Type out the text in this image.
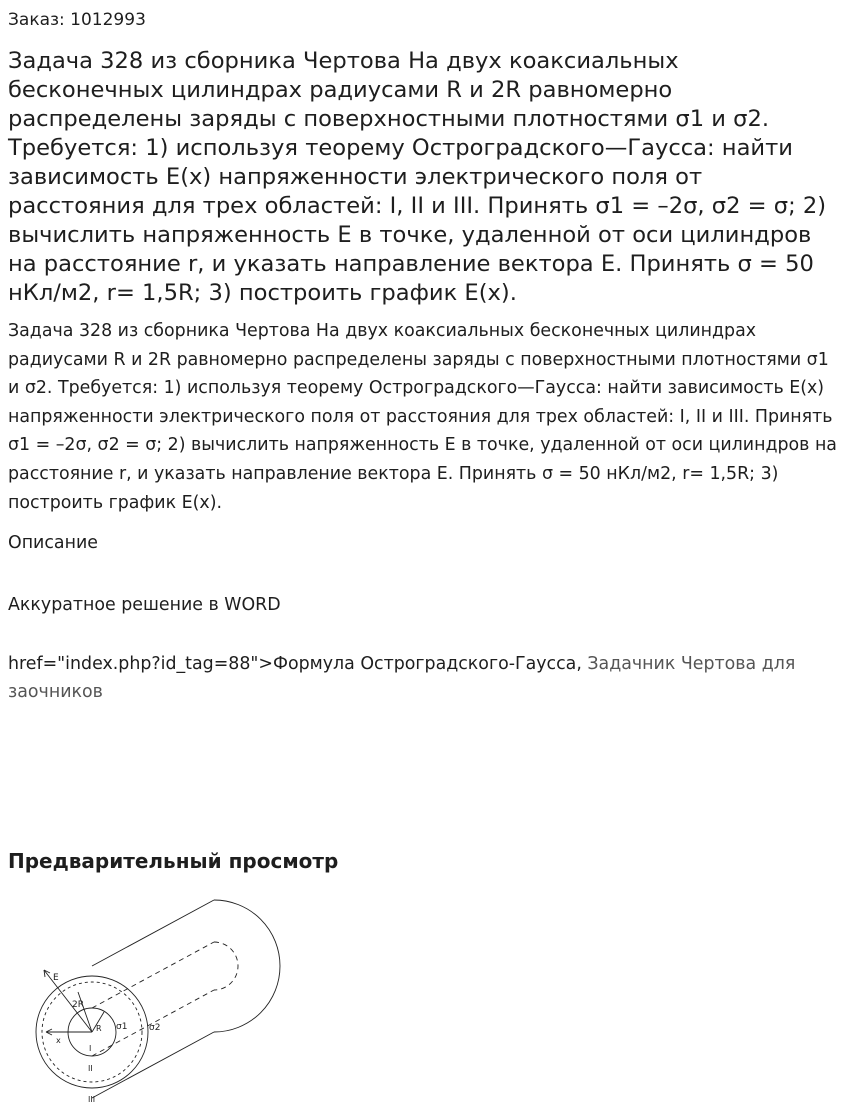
Заказ: 1012993
Задача 328 из сборника Чертова На двух коаксиальных бесконечных цилиндрах радиусами R и 2R равномерно распределены заряды с поверхностными плотностями σ1 и σ2. Требуется: 1) используя теорему Остроградского—Гаусса: найти зависимость E(x) напряженности электрического поля от расстояния для трех областей: I, II и III. Принять σ1 = –2σ, σ2 = σ; 2) вычислить напряженность E в точке, удаленной от оси цилиндров на расстояние r, и указать направление вектора E. Принять σ = 50 нКл/м2, r= 1,5R; 3) построить график E(x).

Задача 328 из сборника Чертова На двух коаксиальных бесконечных цилиндрах радиусами R и 2R равномерно распределены заряды с поверхностными плотностями σ1 и σ2. Требуется: 1) используя теорему Остроградского—Гаусса: найти зависимость E(x) напряженности электрического поля от расстояния для трех областей: I, II и III. Принять σ1 = –2σ, σ2 = σ; 2) вычислить напряженность E в точке, удаленной от оси цилиндров на расстояние r, и указать направление вектора E. Принять σ = 50 нКл/м2, r= 1,5R; 3) построить график E(x).

Описание
Аккуратное решение в WORD

href="index.php?id_tag=88">Формула Остроградского-Гаусса, Задачник Чертова для заочников

Предварительный просмотр
E
2R
R σ1 σ2
x
I
II
III
